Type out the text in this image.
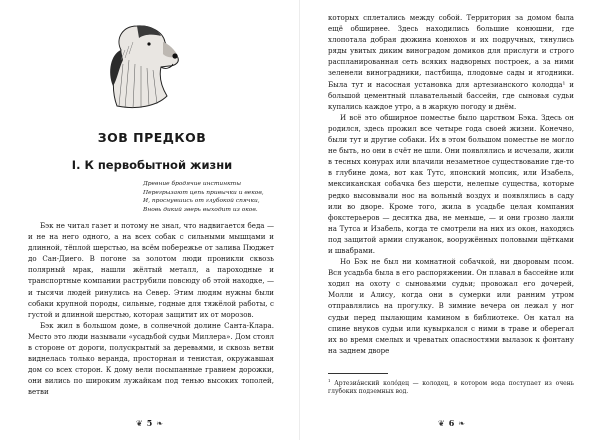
ЗОВ ПРЕДКОВ
I. К первобытной жизни
Древние бродячие инстинкты
Перегрызают цепь привычки и веков,
И, проснувшись от глубокой спячки,
Вновь дикий зверь выходит из оков.

Бэк не читал газет и потому не знал, что надвигается беда — и не на него одного, а на всех собак с сильными мышцами и длинной, тёплой шерстью, на всём побережье от залива Пюджет до Сан-Диего. В погоне за золотом люди проникли сквозь полярный мрак, нашли жёлтый металл, а пароходные и транспортные компании раструбили повсюду об этой находке, — и тысячи людей ринулись на Север. Этим людям нужны были собаки крупной породы, сильные, годные для тяжёлой работы, с густой и длинной шерстью, которая защитит их от морозов.

Бэк жил в большом доме, в солнечной долине Санта-Клара. Место это люди называли «усадьбой судьи Миллера». Дом стоял в стороне от дороги, полускрытый за деревьями, и сквозь ветви виднелась только веранда, просторная и тенистая, окружавшая дом со всех сторон. К дому вели посыпанные гравием дорожки, они вились по широким лужайкам под тенью высоких тополей, ветви

❦ 5 ❧

которых сплетались между собой. Территория за домом была ещё обширнее. Здесь находились большие конюшни, где хлопотала добрая дюжина конюхов и их подручных, тянулись ряды увитых диким виноградом домиков для прислуги и строго распланированная сеть всяких надворных построек, а за ними зеленели виноградники, пастбища, плодовые сады и ягодники. Была тут и насосная установка для артезианского колодца¹ и большой цементный плавательный бассейн, где сыновья судьи купались каждое утро, а в жаркую погоду и днём.

И всё это обширное поместье было царством Бэка. Здесь он родился, здесь прожил все четыре года своей жизни. Конечно, были тут и другие собаки. Их в этом большом поместье не могло не быть, но они в счёт не шли. Они появлялись и исчезали, жили в тесных конурах или влачили незаметное существование где-то в глубине дома, вот как Тутс, японский мопсик, или Изабель, мексиканская собачка без шерсти, нелепые существа, которые редко высовывали нос на вольный воздух и появлялись в саду или во дворе. Кроме того, жила в усадьбе целая компания фокстерьеров — десятка два, не меньше, — и они грозно лаяли на Тутса и Изабель, когда те смотрели на них из окон, находясь под защитой армии служанок, вооружённых половыми щётками и швабрами.

Но Бэк не был ни комнатной собачкой, ни дворовым псом. Вся усадьба была в его распоряжении. Он плавал в бассейне или ходил на охоту с сыновьями судьи; провожал его дочерей, Молли и Алису, когда они в сумерки или ранним утром отправлялись на прогулку. В зимние вечера он лежал у ног судьи перед пылающим камином в библиотеке. Он катал на спине внуков судьи или кувыркался с ними в траве и оберегал их во время смелых и чреватых опасностями вылазок к фонтану на заднем дворе

$^1$ Артезиа́нский коло́дец — колодец, в котором вода поступает из очень глубоких подземных вод.
❦ 6 ❧
